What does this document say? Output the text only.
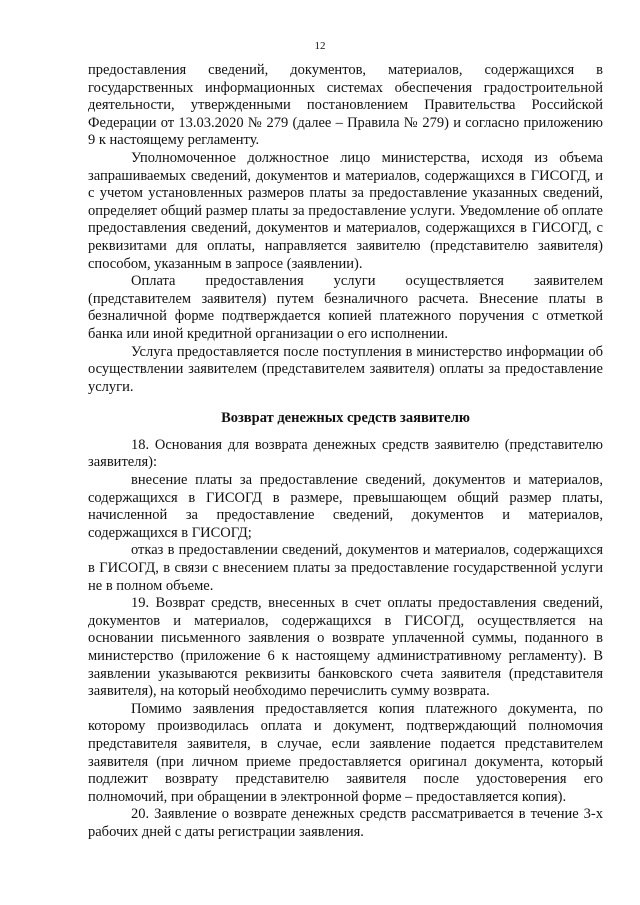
12

предоставления сведений, документов, материалов, содержащихся в государственных информационных системах обеспечения градостроительной деятельности, утвержденными постановлением Правительства Российской Федерации от 13.03.2020 № 279 (далее – Правила № 279) и согласно приложению 9 к настоящему регламенту.

Уполномоченное должностное лицо министерства, исходя из объема запрашиваемых сведений, документов и материалов, содержащихся в ГИСОГД, и с учетом установленных размеров платы за предоставление указанных сведений, определяет общий размер платы за предоставление услуги. Уведомление об оплате предоставления сведений, документов и материалов, содержащихся в ГИСОГД, с реквизитами для оплаты, направляется заявителю (представителю заявителя) способом, указанным в запросе (заявлении).

Оплата предоставления услуги осуществляется заявителем (представителем заявителя) путем безналичного расчета. Внесение платы в безналичной форме подтверждается копией платежного поручения с отметкой банка или иной кредитной организации о его исполнении.

Услуга предоставляется после поступления в министерство информации об осуществлении заявителем (представителем заявителя) оплаты за предоставление услуги.

Возврат денежных средств заявителю

18. Основания для возврата денежных средств заявителю (представителю заявителя):

внесение платы за предоставление сведений, документов и материалов, содержащихся в ГИСОГД в размере, превышающем общий размер платы, начисленной за предоставление сведений, документов и материалов, содержащихся в ГИСОГД;

отказ в предоставлении сведений, документов и материалов, содержащихся в ГИСОГД, в связи с внесением платы за предоставление государственной услуги не в полном объеме.

19. Возврат средств, внесенных в счет оплаты предоставления сведений, документов и материалов, содержащихся в ГИСОГД, осуществляется на основании письменного заявления о возврате уплаченной суммы, поданного в министерство (приложение 6 к настоящему административному регламенту). В заявлении указываются реквизиты банковского счета заявителя (представителя заявителя), на который необходимо перечислить сумму возврата.

Помимо заявления предоставляется копия платежного документа, по которому производилась оплата и документ, подтверждающий полномочия представителя заявителя, в случае, если заявление подается представителем заявителя (при личном приеме предоставляется оригинал документа, который подлежит возврату представителю заявителя после удостоверения его полномочий, при обращении в электронной форме – предоставляется копия).

20. Заявление о возврате денежных средств рассматривается в течение 3-х рабочих дней с даты регистрации заявления.
